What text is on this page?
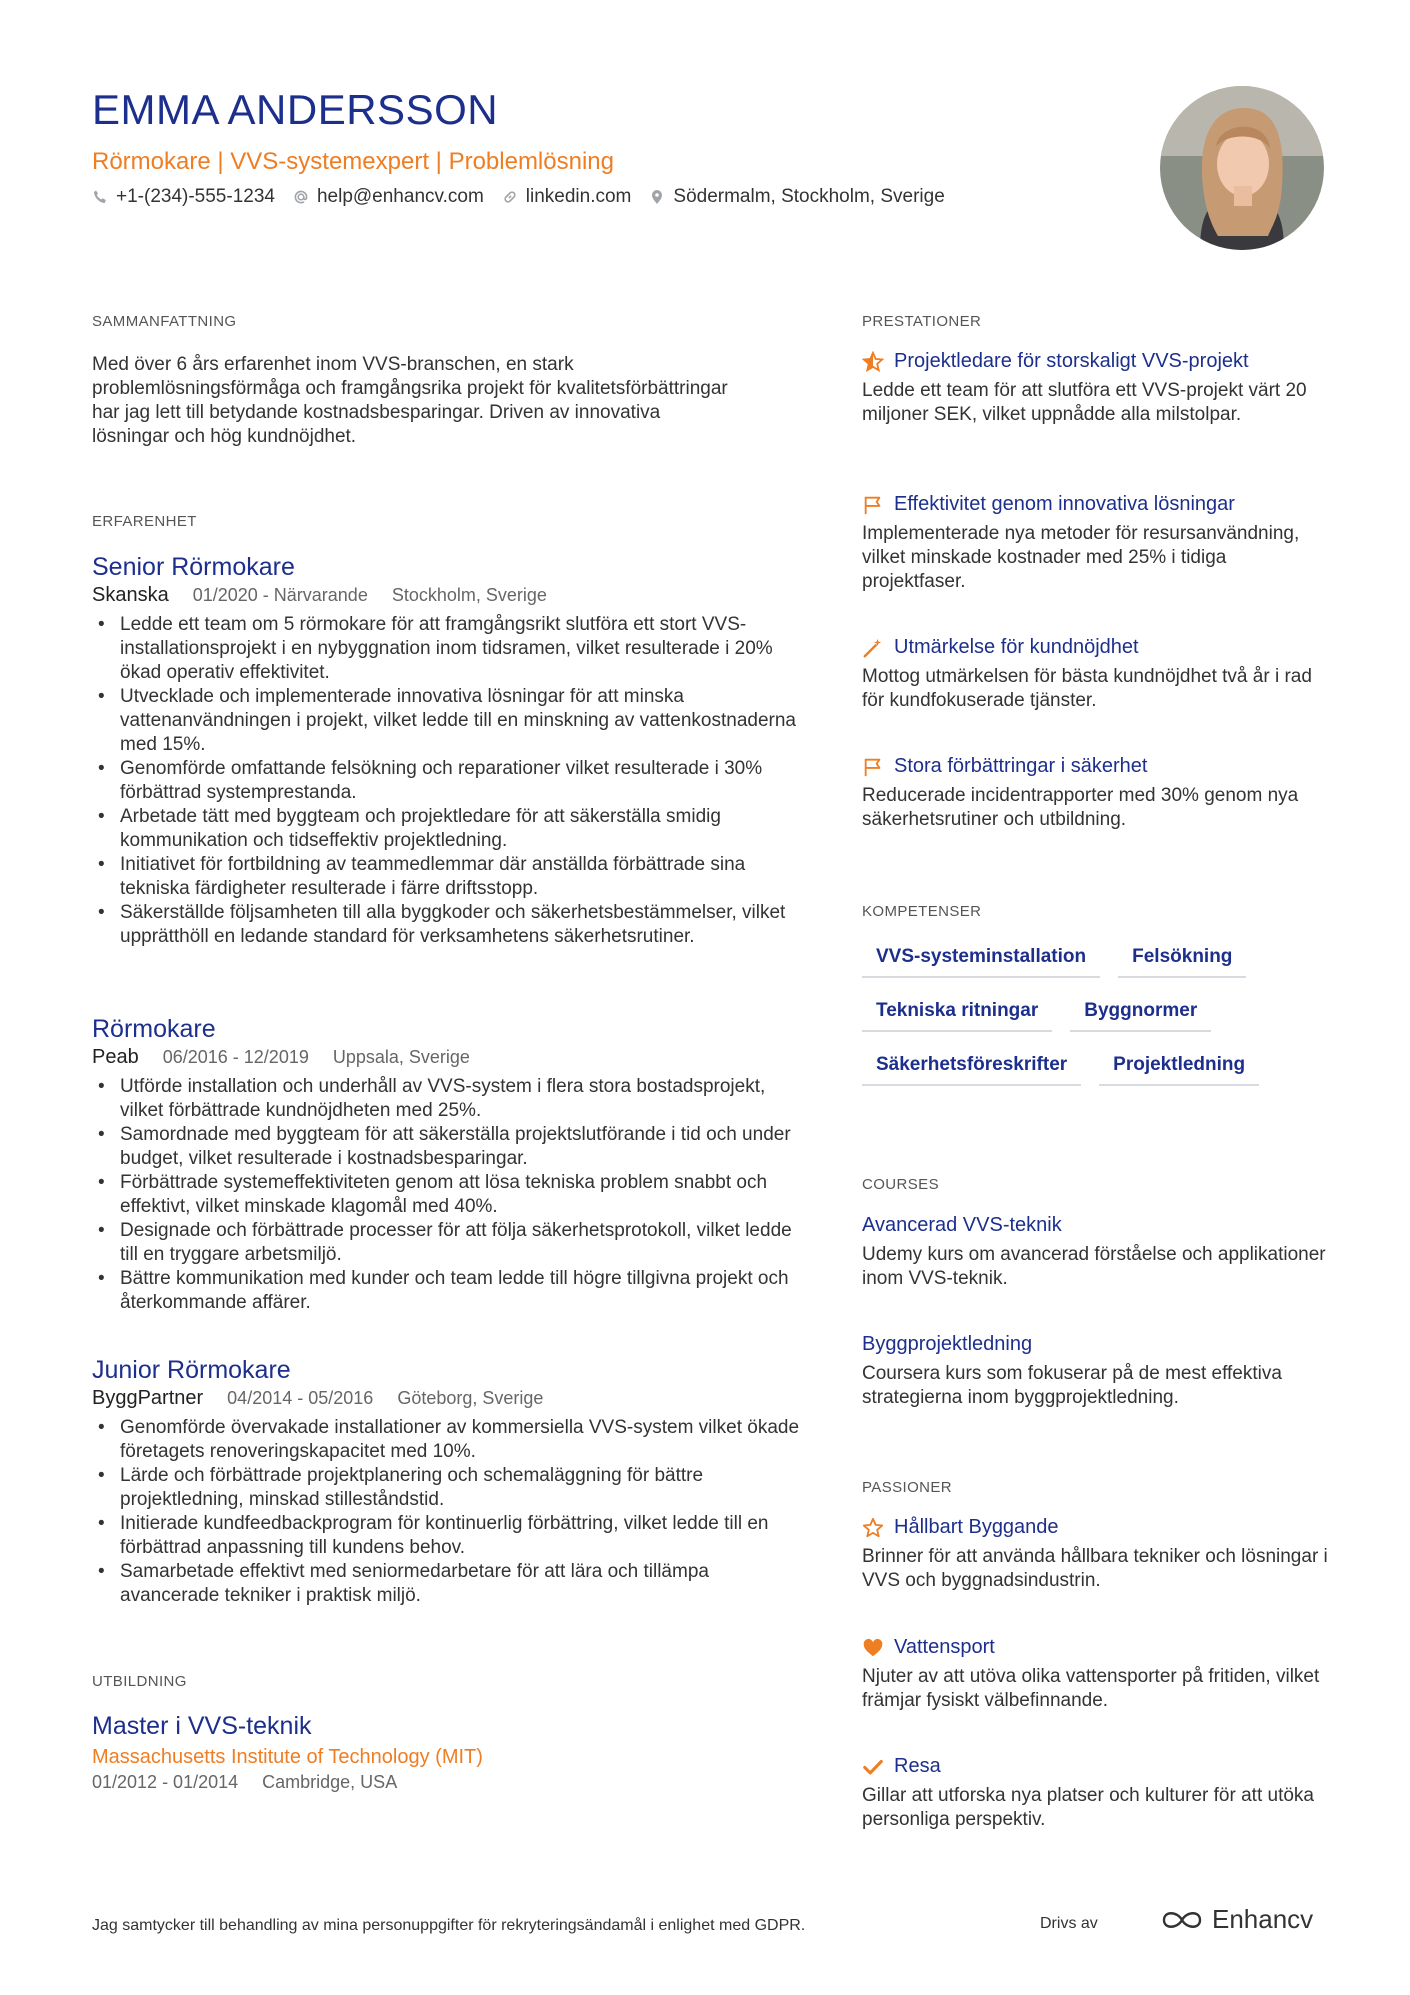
EMMA ANDERSSON
Rörmokare | VVS-systemexpert | Problemlösning
+1-(234)-555-1234 help@enhancv.com linkedin.com Södermalm, Stockholm, Sverige
SAMMANFATTNING
Med över 6 års erfarenhet inom VVS-branschen, en stark problemlösningsförmåga och framgångsrika projekt för kvalitetsförbättringar har jag lett till betydande kostnadsbesparingar. Driven av innovativa lösningar och hög kundnöjdhet.
ERFARENHET
Senior Rörmokare
Skanska 01/2020 - Närvarande Stockholm, Sverige
• Ledde ett team om 5 rörmokare för att framgångsrikt slutföra ett stort VVS-installationsprojekt i en nybyggnation inom tidsramen, vilket resulterade i 20% ökad operativ effektivitet.
• Utvecklade och implementerade innovativa lösningar för att minska vattenanvändningen i projekt, vilket ledde till en minskning av vattenkostnaderna med 15%.
• Genomförde omfattande felsökning och reparationer vilket resulterade i 30% förbättrad systemprestanda.
• Arbetade tätt med byggteam och projektledare för att säkerställa smidig kommunikation och tidseffektiv projektledning.
• Initiativet för fortbildning av teammedlemmar där anställda förbättrade sina tekniska färdigheter resulterade i färre driftsstopp.
• Säkerställde följsamheten till alla byggkoder och säkerhetsbestämmelser, vilket upprätthöll en ledande standard för verksamhetens säkerhetsrutiner.
Rörmokare
Peab 06/2016 - 12/2019 Uppsala, Sverige
• Utförde installation och underhåll av VVS-system i flera stora bostadsprojekt, vilket förbättrade kundnöjdheten med 25%.
• Samordnade med byggteam för att säkerställa projektslutförande i tid och under budget, vilket resulterade i kostnadsbesparingar.
• Förbättrade systemeffektiviteten genom att lösa tekniska problem snabbt och effektivt, vilket minskade klagomål med 40%.
• Designade och förbättrade processer för att följa säkerhetsprotokoll, vilket ledde till en tryggare arbetsmiljö.
• Bättre kommunikation med kunder och team ledde till högre tillgivna projekt och återkommande affärer.
Junior Rörmokare
ByggPartner 04/2014 - 05/2016 Göteborg, Sverige
• Genomförde övervakade installationer av kommersiella VVS-system vilket ökade företagets renoveringskapacitet med 10%.
• Lärde och förbättrade projektplanering och schemaläggning för bättre projektledning, minskad stilleståndstid.
• Initierade kundfeedbackprogram för kontinuerlig förbättring, vilket ledde till en förbättrad anpassning till kundens behov.
• Samarbetade effektivt med seniormedarbetare för att lära och tillämpa avancerade tekniker i praktisk miljö.
UTBILDNING
Master i VVS-teknik
Massachusetts Institute of Technology (MIT)
01/2012 - 01/2014 Cambridge, USA
PRESTATIONER
Projektledare för storskaligt VVS-projekt
Ledde ett team för att slutföra ett VVS-projekt värt 20 miljoner SEK, vilket uppnådde alla milstolpar.
Effektivitet genom innovativa lösningar
Implementerade nya metoder för resursanvändning, vilket minskade kostnader med 25% i tidiga projektfaser.
Utmärkelse för kundnöjdhet
Mottog utmärkelsen för bästa kundnöjdhet två år i rad för kundfokuserade tjänster.
Stora förbättringar i säkerhet
Reducerade incidentrapporter med 30% genom nya säkerhetsrutiner och utbildning.
KOMPETENSER
VVS-systeminstallation	Felsökning
Tekniska ritningar	Byggnormer
Säkerhetsföreskrifter	Projektledning
COURSES
Avancerad VVS-teknik
Udemy kurs om avancerad förståelse och applikationer inom VVS-teknik.
Byggprojektledning
Coursera kurs som fokuserar på de mest effektiva strategierna inom byggprojektledning.
PASSIONER
Hållbart Byggande
Brinner för att använda hållbara tekniker och lösningar i VVS och byggnadsindustrin.
Vattensport
Njuter av att utöva olika vattensporter på fritiden, vilket främjar fysiskt välbefinnande.
Resa
Gillar att utforska nya platser och kulturer för att utöka personliga perspektiv.
Jag samtycker till behandling av mina personuppgifter för rekryteringsändamål i enlighet med GDPR.	Drivs av	Enhancv
